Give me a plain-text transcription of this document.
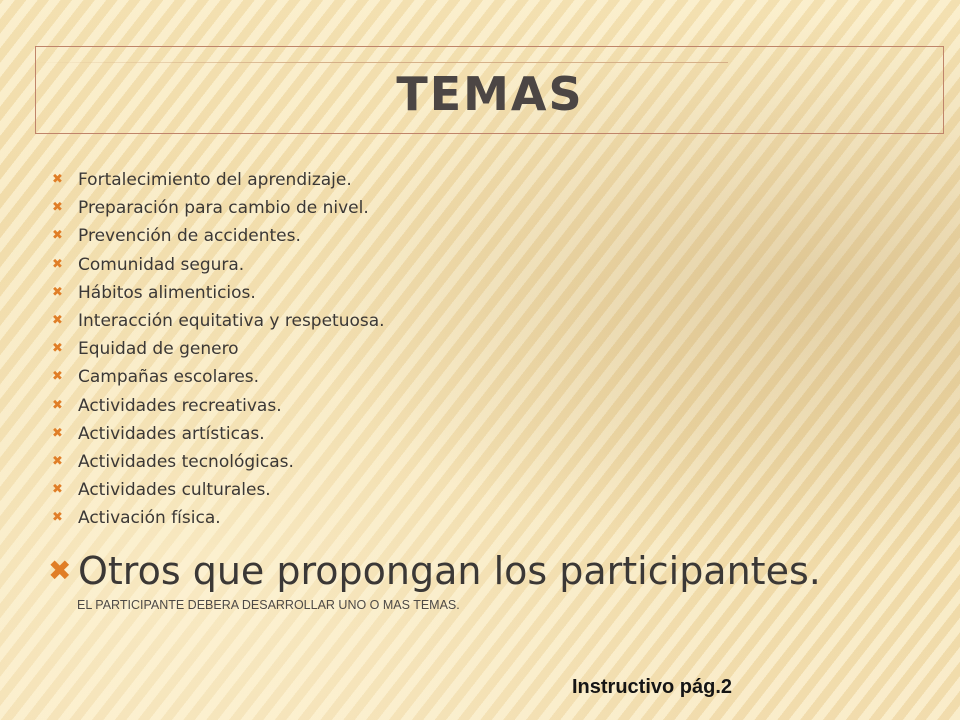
TEMAS
✖ Fortalecimiento del aprendizaje.
✖ Preparación para cambio de nivel.
✖ Prevención de accidentes.
✖ Comunidad segura.
✖ Hábitos alimenticios.
✖ Interacción equitativa y respetuosa.
✖ Equidad de genero
✖ Campañas escolares.
✖ Actividades recreativas.
✖ Actividades artísticas.
✖ Actividades tecnológicas.
✖ Actividades culturales.
✖ Activación física.
✖ Otros que propongan los participantes.
EL PARTICIPANTE DEBERA DESARROLLAR UNO O MAS TEMAS.
Instructivo pág.2
